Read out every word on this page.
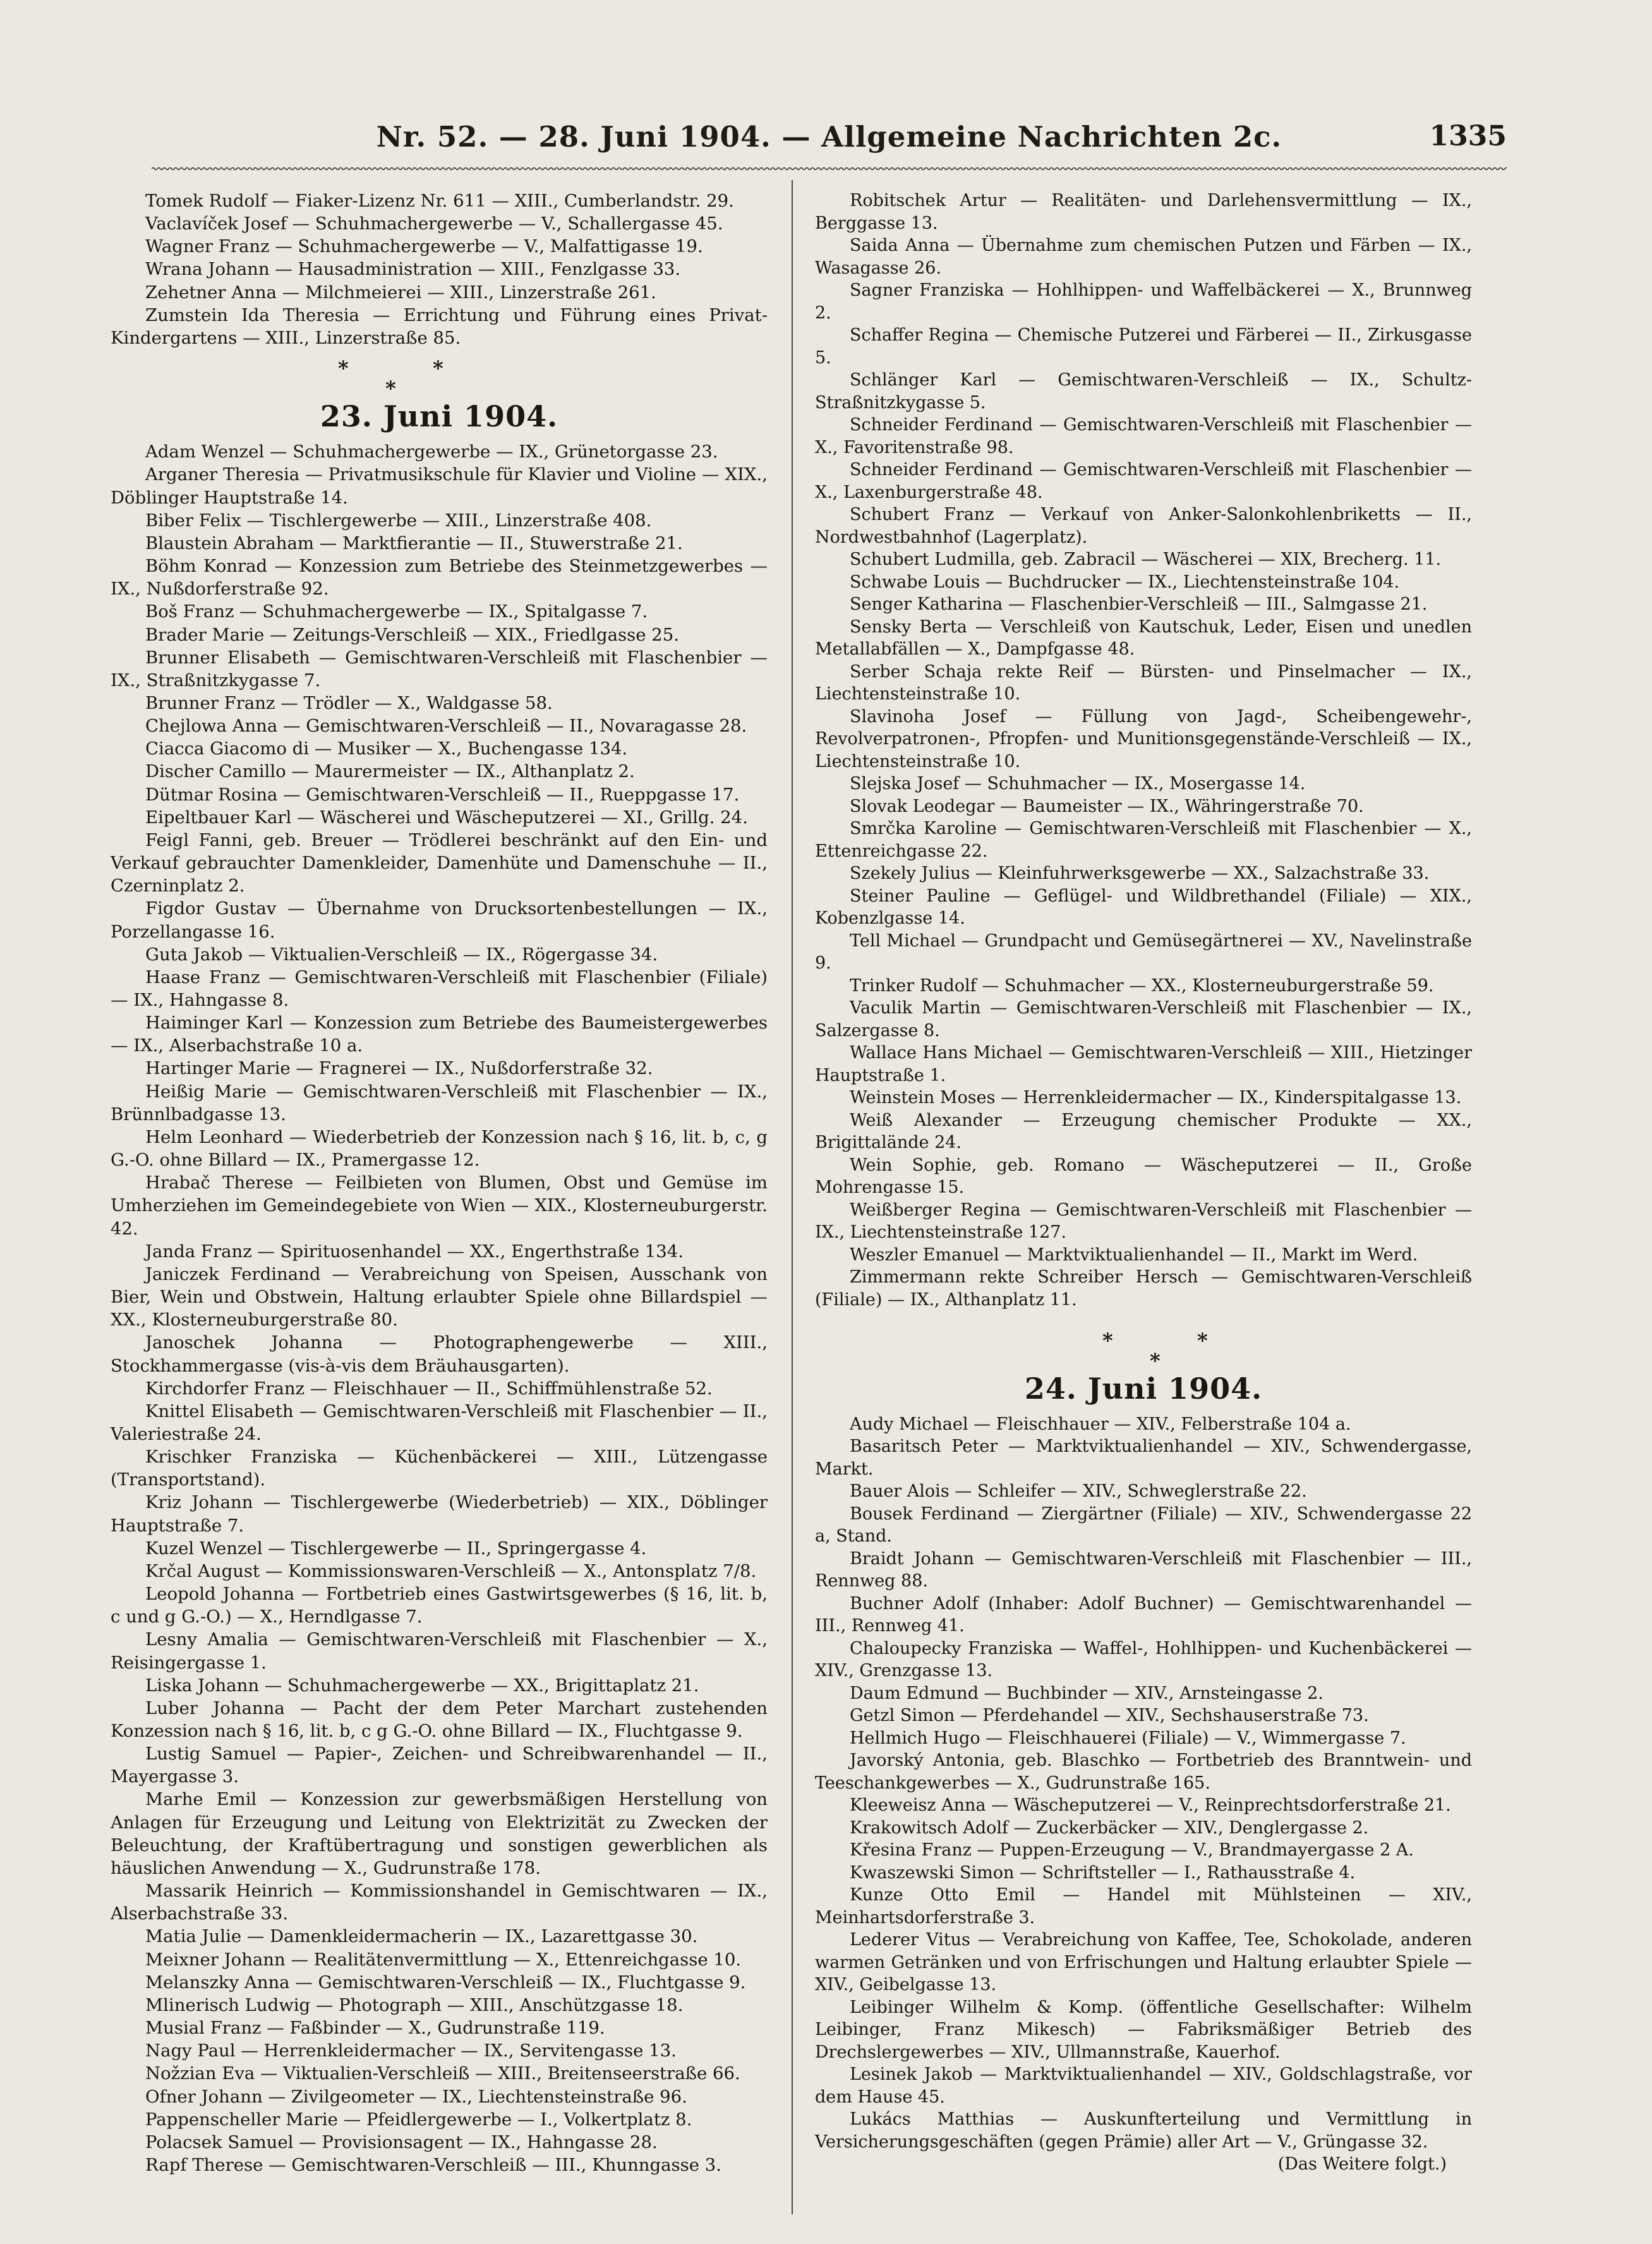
Nr. 52. — 28. Juni 1904. — Allgemeine Nachrichten 2c.	1335

Tomek Rudolf — Fiaker-Lizenz Nr. 611 — XIII., Cumberlandstr. 29.

Vaclavíček Josef — Schuhmachergewerbe — V., Schallergasse 45.

Wagner Franz — Schuhmachergewerbe — V., Malfattigasse 19.

Wrana Johann — Hausadministration — XIII., Fenzlgasse 33.

Zehetner Anna — Milchmeierei — XIII., Linzerstraße 261.

Zumstein Ida Theresia — Errichtung und Führung eines Privat-Kindergartens — XIII., Linzerstraße 85.

*	*
*
23. Juni 1904.

Adam Wenzel — Schuhmachergewerbe — IX., Grünetorgasse 23.

Arganer Theresia — Privatmusikschule für Klavier und Violine — XIX., Döblinger Hauptstraße 14.

Biber Felix — Tischlergewerbe — XIII., Linzerstraße 408.

Blaustein Abraham — Marktfierantie — II., Stuwerstraße 21.

Böhm Konrad — Konzession zum Betriebe des Steinmetzgewerbes — IX., Nußdorferstraße 92.

Boš Franz — Schuhmachergewerbe — IX., Spitalgasse 7.

Brader Marie — Zeitungs-Verschleiß — XIX., Friedlgasse 25.

Brunner Elisabeth — Gemischtwaren-Verschleiß mit Flaschenbier — IX., Straßnitzkygasse 7.

Brunner Franz — Trödler — X., Waldgasse 58.

Chejlowa Anna — Gemischtwaren-Verschleiß — II., Novaragasse 28.

Ciacca Giacomo di — Musiker — X., Buchengasse 134.

Discher Camillo — Maurermeister — IX., Althanplatz 2.

Dütmar Rosina — Gemischtwaren-Verschleiß — II., Rueppgasse 17.

Eipeltbauer Karl — Wäscherei und Wäscheputzerei — XI., Grillg. 24.

Feigl Fanni, geb. Breuer — Trödlerei beschränkt auf den Ein- und Verkauf gebrauchter Damenkleider, Damenhüte und Damenschuhe — II., Czerninplatz 2.

Figdor Gustav — Übernahme von Drucksortenbestellungen — IX., Porzellangasse 16.

Guta Jakob — Viktualien-Verschleiß — IX., Rögergasse 34.

Haase Franz — Gemischtwaren-Verschleiß mit Flaschenbier (Filiale) — IX., Hahngasse 8.

Haiminger Karl — Konzession zum Betriebe des Baumeistergewerbes — IX., Alserbachstraße 10 a.

Hartinger Marie — Fragnerei — IX., Nußdorferstraße 32.

Heißig Marie — Gemischtwaren-Verschleiß mit Flaschenbier — IX., Brünnlbadgasse 13.

Helm Leonhard — Wiederbetrieb der Konzession nach § 16, lit. b, c, g G.-O. ohne Billard — IX., Pramergasse 12.

Hrabač Therese — Feilbieten von Blumen, Obst und Gemüse im Umherziehen im Gemeindegebiete von Wien — XIX., Klosterneuburgerstr. 42.

Janda Franz — Spirituosenhandel — XX., Engerthstraße 134.

Janiczek Ferdinand — Verabreichung von Speisen, Ausschank von Bier, Wein und Obstwein, Haltung erlaubter Spiele ohne Billardspiel — XX., Klosterneuburgerstraße 80.

Janoschek Johanna — Photographengewerbe — XIII., Stockhammergasse (vis-à-vis dem Bräuhausgarten).

Kirchdorfer Franz — Fleischhauer — II., Schiffmühlenstraße 52.

Knittel Elisabeth — Gemischtwaren-Verschleiß mit Flaschenbier — II., Valeriestraße 24.

Krischker Franziska — Küchenbäckerei — XIII., Lützengasse (Transportstand).

Kriz Johann — Tischlergewerbe (Wiederbetrieb) — XIX., Döblinger Hauptstraße 7.

Kuzel Wenzel — Tischlergewerbe — II., Springergasse 4.

Krčal August — Kommissionswaren-Verschleiß — X., Antonsplatz 7/8.

Leopold Johanna — Fortbetrieb eines Gastwirtsgewerbes (§ 16, lit. b, c und g G.-O.) — X., Herndlgasse 7.

Lesny Amalia — Gemischtwaren-Verschleiß mit Flaschenbier — X., Reisingergasse 1.

Liska Johann — Schuhmachergewerbe — XX., Brigittaplatz 21.

Luber Johanna — Pacht der dem Peter Marchart zustehenden Konzession nach § 16, lit. b, c g G.-O. ohne Billard — IX., Fluchtgasse 9.

Lustig Samuel — Papier-, Zeichen- und Schreibwarenhandel — II., Mayergasse 3.

Marhe Emil — Konzession zur gewerbsmäßigen Herstellung von Anlagen für Erzeugung und Leitung von Elektrizität zu Zwecken der Beleuchtung, der Kraftübertragung und sonstigen gewerblichen als häuslichen Anwendung — X., Gudrunstraße 178.

Massarik Heinrich — Kommissionshandel in Gemischtwaren — IX., Alserbachstraße 33.

Matia Julie — Damenkleidermacherin — IX., Lazarettgasse 30.

Meixner Johann — Realitätenvermittlung — X., Ettenreichgasse 10.

Melanszky Anna — Gemischtwaren-Verschleiß — IX., Fluchtgasse 9.

Mlinerisch Ludwig — Photograph — XIII., Anschützgasse 18.

Musial Franz — Faßbinder — X., Gudrunstraße 119.

Nagy Paul — Herrenkleidermacher — IX., Servitengasse 13.

Nožzian Eva — Viktualien-Verschleiß — XIII., Breitenseerstraße 66.

Ofner Johann — Zivilgeometer — IX., Liechtensteinstraße 96.

Pappenscheller Marie — Pfeidlergewerbe — I., Volkertplatz 8.

Polacsek Samuel — Provisionsagent — IX., Hahngasse 28.

Rapf Therese — Gemischtwaren-Verschleiß — III., Khunngasse 3.

Robitschek Artur — Realitäten- und Darlehensvermittlung — IX., Berggasse 13.

Saida Anna — Übernahme zum chemischen Putzen und Färben — IX., Wasagasse 26.

Sagner Franziska — Hohlhippen- und Waffelbäckerei — X., Brunnweg 2.

Schaffer Regina — Chemische Putzerei und Färberei — II., Zirkusgasse 5.

Schlänger Karl — Gemischtwaren-Verschleiß — IX., Schultz-Straßnitzkygasse 5.

Schneider Ferdinand — Gemischtwaren-Verschleiß mit Flaschenbier — X., Favoritenstraße 98.

Schneider Ferdinand — Gemischtwaren-Verschleiß mit Flaschenbier — X., Laxenburgerstraße 48.

Schubert Franz — Verkauf von Anker-Salonkohlenbriketts — II., Nordwestbahnhof (Lagerplatz).

Schubert Ludmilla, geb. Zabracil — Wäscherei — XIX, Brecherg. 11.

Schwabe Louis — Buchdrucker — IX., Liechtensteinstraße 104.

Senger Katharina — Flaschenbier-Verschleiß — III., Salmgasse 21.

Sensky Berta — Verschleiß von Kautschuk, Leder, Eisen und unedlen Metallabfällen — X., Dampfgasse 48.

Serber Schaja rekte Reif — Bürsten- und Pinselmacher — IX., Liechtensteinstraße 10.

Slavinoha Josef — Füllung von Jagd-, Scheibengewehr-, Revolverpatronen-, Pfropfen- und Munitionsgegenstände-Verschleiß — IX., Liechtensteinstraße 10.

Slejska Josef — Schuhmacher — IX., Mosergasse 14.

Slovak Leodegar — Baumeister — IX., Währingerstraße 70.

Smrčka Karoline — Gemischtwaren-Verschleiß mit Flaschenbier — X., Ettenreichgasse 22.

Szekely Julius — Kleinfuhrwerksgewerbe — XX., Salzachstraße 33.

Steiner Pauline — Geflügel- und Wildbrethandel (Filiale) — XIX., Kobenzlgasse 14.

Tell Michael — Grundpacht und Gemüsegärtnerei — XV., Navelinstraße 9.

Trinker Rudolf — Schuhmacher — XX., Klosterneuburgerstraße 59.

Vaculik Martin — Gemischtwaren-Verschleiß mit Flaschenbier — IX., Salzergasse 8.

Wallace Hans Michael — Gemischtwaren-Verschleiß — XIII., Hietzinger Hauptstraße 1.

Weinstein Moses — Herrenkleidermacher — IX., Kinderspitalgasse 13.

Weiß Alexander — Erzeugung chemischer Produkte — XX., Brigittalände 24.

Wein Sophie, geb. Romano — Wäscheputzerei — II., Große Mohrengasse 15.

Weißberger Regina — Gemischtwaren-Verschleiß mit Flaschenbier — IX., Liechtensteinstraße 127.

Weszler Emanuel — Marktviktualienhandel — II., Markt im Werd.

Zimmermann rekte Schreiber Hersch — Gemischtwaren-Verschleiß (Filiale) — IX., Althanplatz 11.

*	*
*
24. Juni 1904.

Audy Michael — Fleischhauer — XIV., Felberstraße 104 a.

Basaritsch Peter — Marktviktualienhandel — XIV., Schwendergasse, Markt.

Bauer Alois — Schleifer — XIV., Schweglerstraße 22.

Bousek Ferdinand — Ziergärtner (Filiale) — XIV., Schwendergasse 22 a, Stand.

Braidt Johann — Gemischtwaren-Verschleiß mit Flaschenbier — III., Rennweg 88.

Buchner Adolf (Inhaber: Adolf Buchner) — Gemischtwarenhandel — III., Rennweg 41.

Chaloupecky Franziska — Waffel-, Hohlhippen- und Kuchenbäckerei — XIV., Grenzgasse 13.

Daum Edmund — Buchbinder — XIV., Arnsteingasse 2.

Getzl Simon — Pferdehandel — XIV., Sechshauserstraße 73.

Hellmich Hugo — Fleischhauerei (Filiale) — V., Wimmergasse 7.

Javorský Antonia, geb. Blaschko — Fortbetrieb des Branntwein- und Teeschankgewerbes — X., Gudrunstraße 165.

Kleeweisz Anna — Wäscheputzerei — V., Reinprechtsdorferstraße 21.

Krakowitsch Adolf — Zuckerbäcker — XIV., Denglergasse 2.

Křesina Franz — Puppen-Erzeugung — V., Brandmayergasse 2 A.

Kwaszewski Simon — Schriftsteller — I., Rathausstraße 4.

Kunze Otto Emil — Handel mit Mühlsteinen — XIV., Meinhartsdorferstraße 3.

Lederer Vitus — Verabreichung von Kaffee, Tee, Schokolade, anderen warmen Getränken und von Erfrischungen und Haltung erlaubter Spiele — XIV., Geibelgasse 13.

Leibinger Wilhelm & Komp. (öffentliche Gesellschafter: Wilhelm Leibinger, Franz Mikesch) — Fabriksmäßiger Betrieb des Drechslergewerbes — XIV., Ullmannstraße, Kauerhof.

Lesinek Jakob — Marktviktualienhandel — XIV., Goldschlagstraße, vor dem Hause 45.

Lukács Matthias — Auskunfterteilung und Vermittlung in Versicherungsgeschäften (gegen Prämie) aller Art — V., Grüngasse 32.

(Das Weitere folgt.)
